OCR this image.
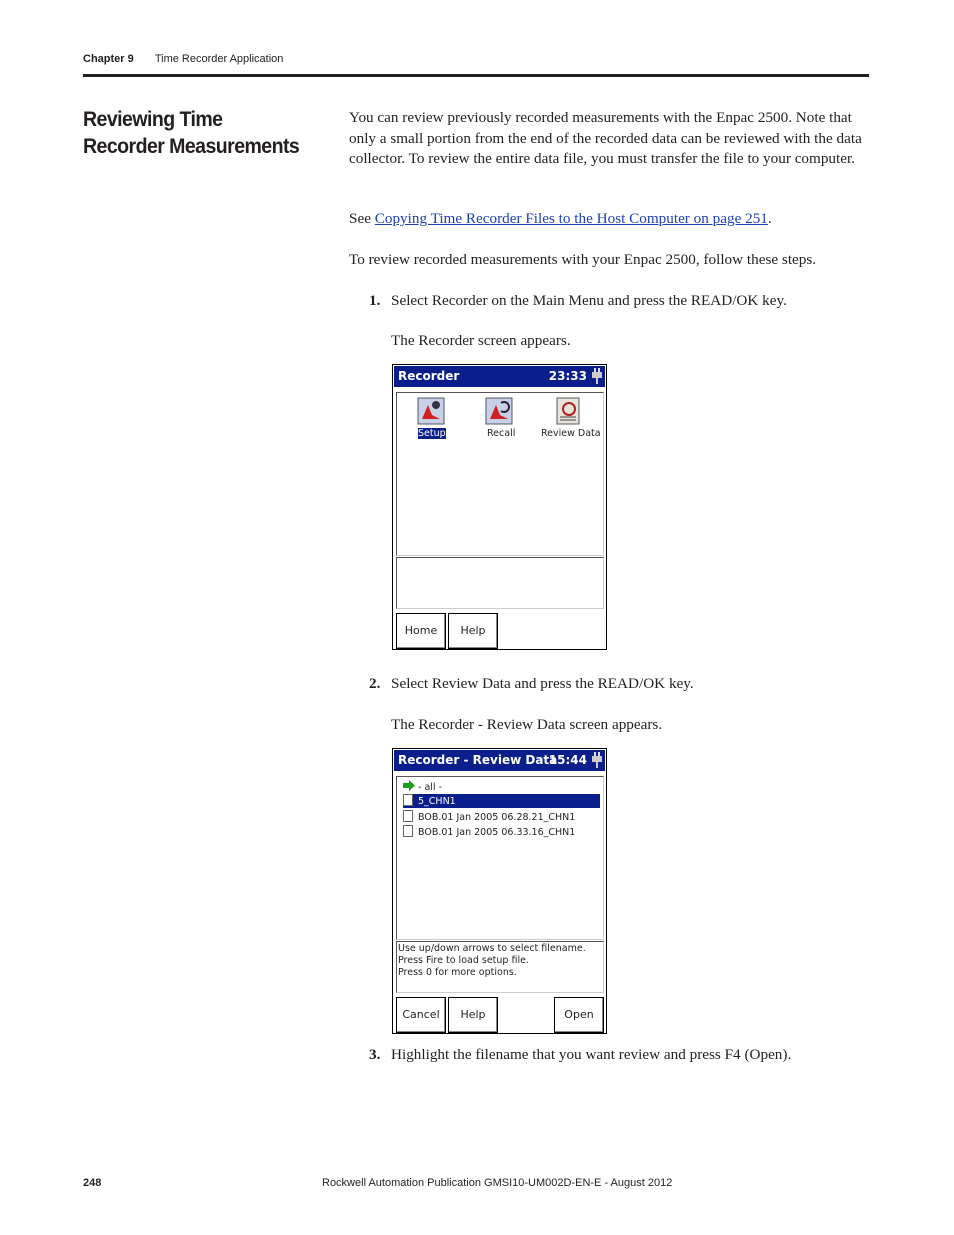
Chapter 9 Time Recorder Application
Reviewing Time Recorder Measurements

You can review previously recorded measurements with the Enpac 2500. Note that only a small portion from the end of the recorded data can be reviewed with the data collector. To review the entire data file, you must transfer the file to your computer.

See Copying Time Recorder Files to the Host Computer on page 251.

To review recorded measurements with your Enpac 2500, follow these steps.

1. Select Recorder on the Main Menu and press the READ/OK key.
The Recorder screen appears.
Recorder	23:33
Setup	Recall	Review Data
Home	Help
2. Select Review Data and press the READ/OK key.
The Recorder - Review Data screen appears.
Recorder - Review Data
15:44
- all -
5_CHN1
BOB.01 Jan 2005 06.28.21_CHN1
BOB.01 Jan 2005 06.33.16_CHN1
Use up/down arrows to select filename.
Press Fire to load setup file.
Press 0 for more options.
Cancel	Help	Open
3. Highlight the filename that you want review and press F4 (Open).
248	Rockwell Automation Publication GMSI10-UM002D-EN-E - August 2012
